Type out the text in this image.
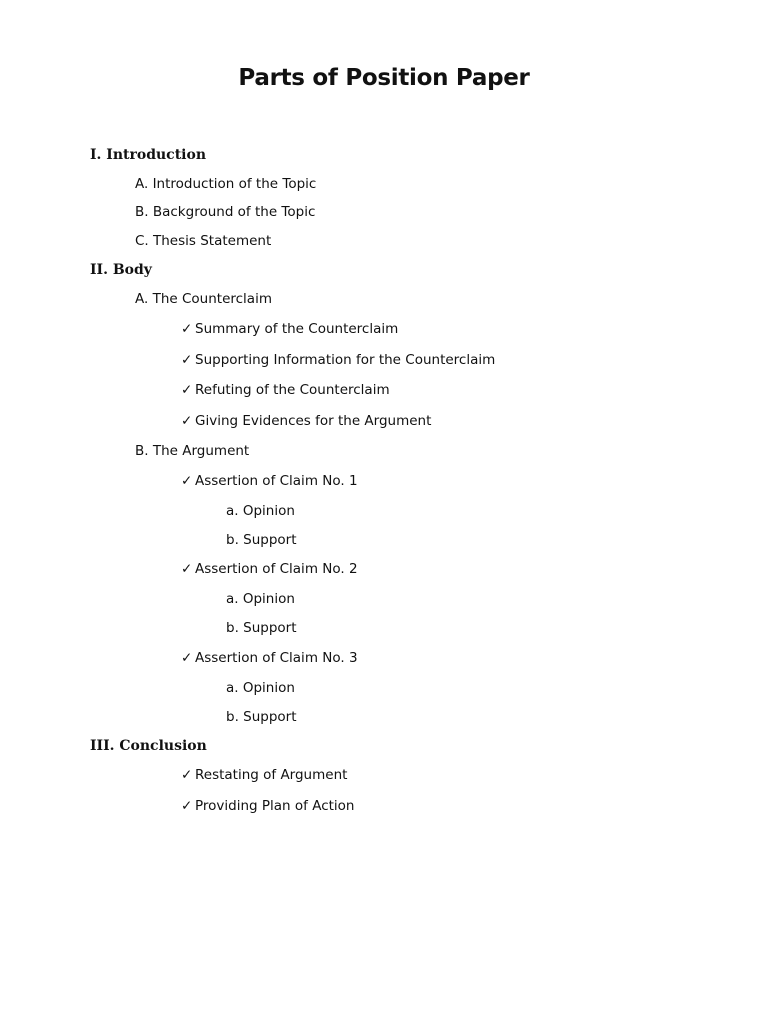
Parts of Position Paper
I. Introduction
A. Introduction of the Topic
B. Background of the Topic
C. Thesis Statement
II. Body
A. The Counterclaim
✓ Summary of the Counterclaim
✓ Supporting Information for the Counterclaim
✓ Refuting of the Counterclaim
✓ Giving Evidences for the Argument
B. The Argument
✓ Assertion of Claim No. 1
a. Opinion
b. Support
✓ Assertion of Claim No. 2
a. Opinion
b. Support
✓ Assertion of Claim No. 3
a. Opinion
b. Support
III. Conclusion
✓ Restating of Argument
✓ Providing Plan of Action
